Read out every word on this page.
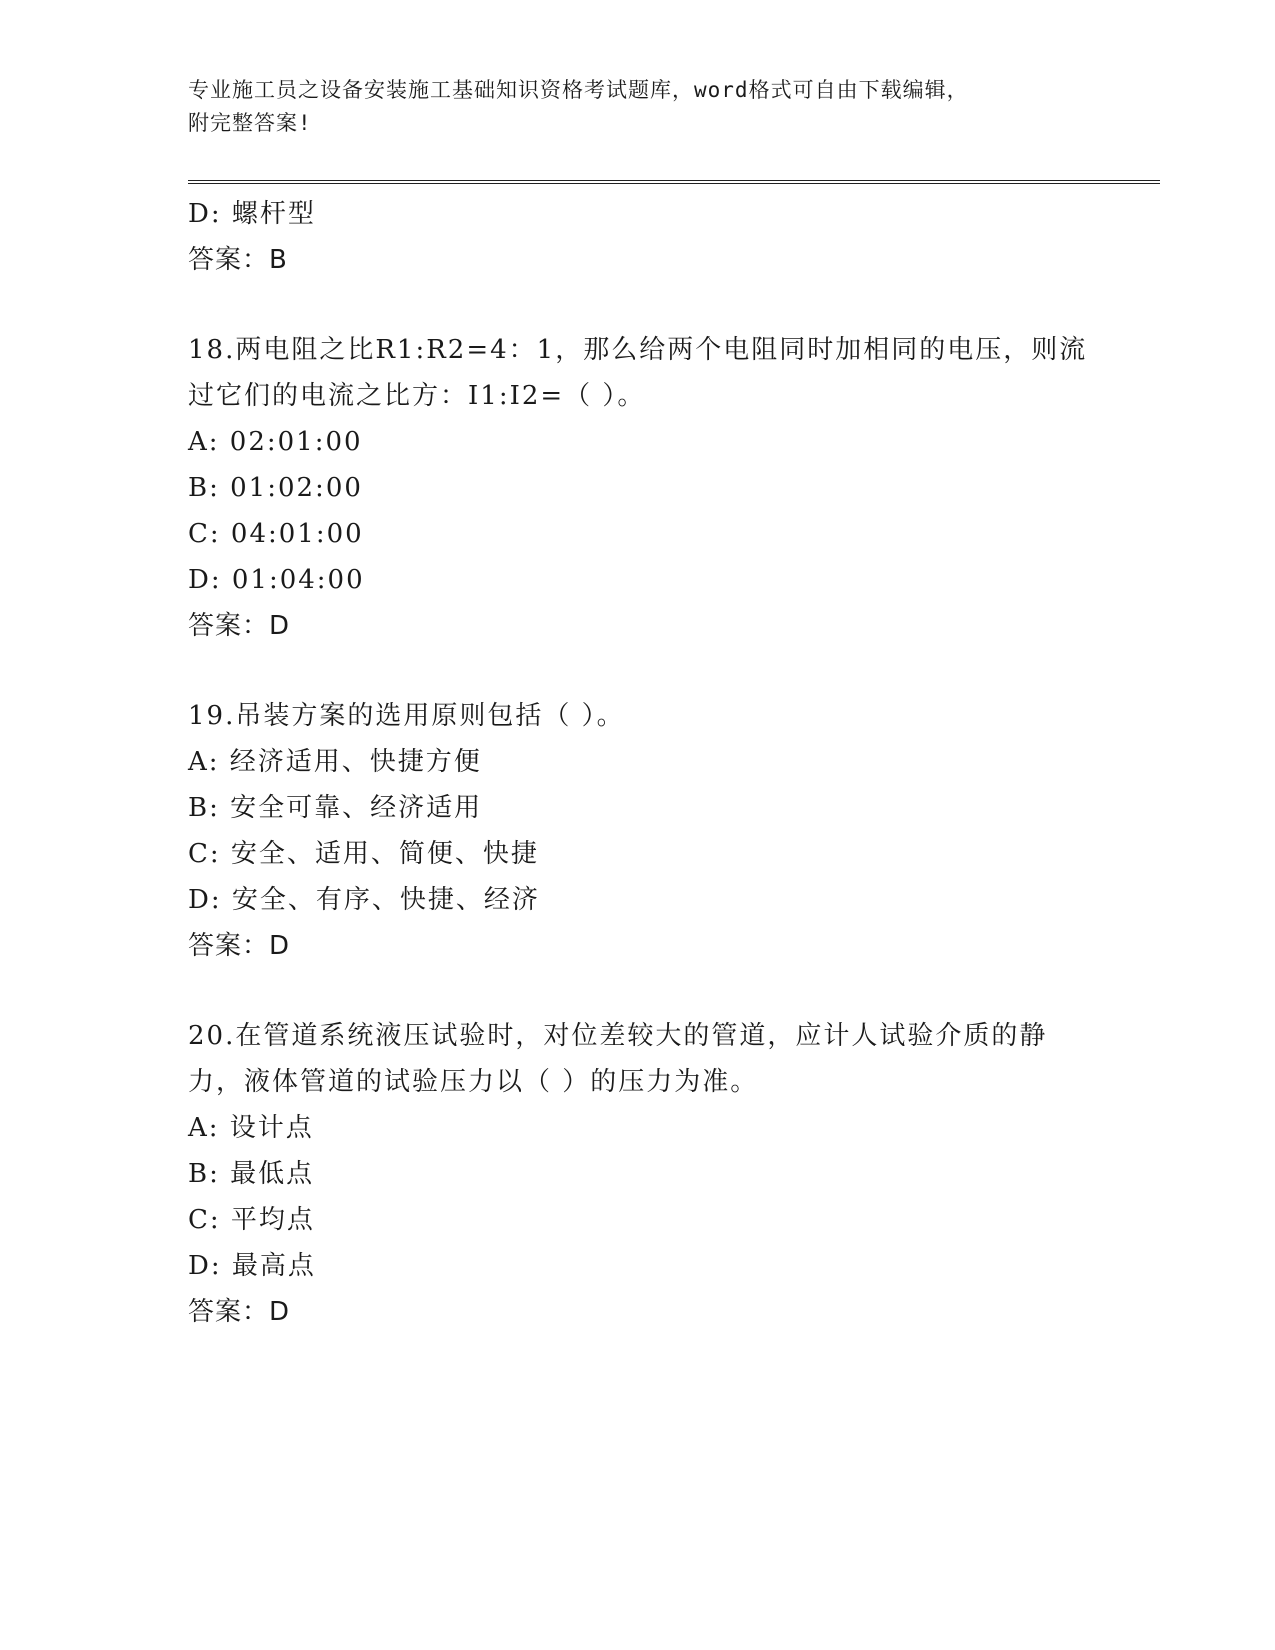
专业施工员之设备安装施工基础知识资格考试题库，word格式可自由下载编辑，
附完整答案!
D: 螺杆型
答案：B
18.两电阻之比R1:R2=4：1，那么给两个电阻同时加相同的电压，则流
过它们的电流之比方：I1:I2=（ ）。
A: 02:01:00
B: 01:02:00
C: 04:01:00
D: 01:04:00
答案：D
19.吊装方案的选用原则包括（ ）。
A: 经济适用、快捷方便
B: 安全可靠、经济适用
C: 安全、适用、简便、快捷
D: 安全、有序、快捷、经济
答案：D
20.在管道系统液压试验时，对位差较大的管道，应计人试验介质的静
力，液体管道的试验压力以（ ）的压力为准。
A: 设计点
B: 最低点
C: 平均点
D: 最高点
答案：D
